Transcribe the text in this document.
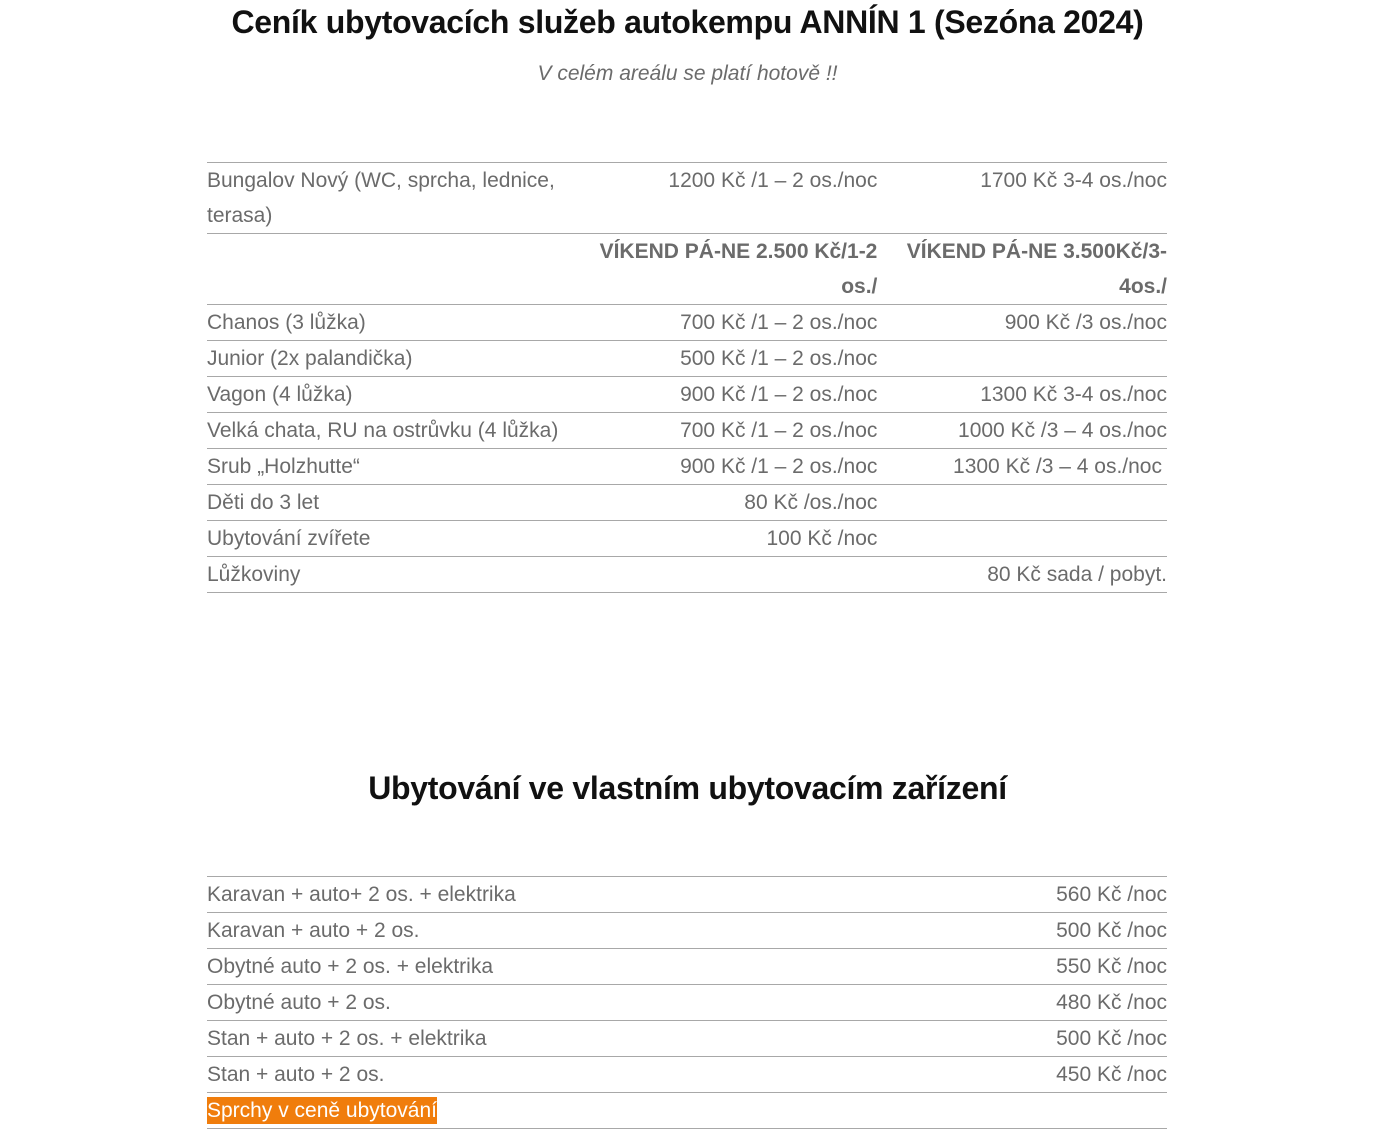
Ceník ubytovacích služeb autokempu ANNÍN 1 (Sezóna 2024)
V celém areálu se platí hotově !!
Bungalov Nový (WC, sprcha, lednice, terasa)	1200 Kč /1 – 2 os./noc	1700 Kč 3-4 os./noc
	VÍKEND PÁ-NE 2.500 Kč/1-2 os./	VÍKEND PÁ-NE 3.500Kč/3-4os./
Chanos (3 lůžka)	700 Kč /1 – 2 os./noc	900 Kč /3 os./noc
Junior (2x palandička)	500 Kč /1 – 2 os./noc	
Vagon (4 lůžka)	900 Kč /1 – 2 os./noc	1300 Kč 3-4 os./noc
Velká chata, RU na ostrůvku (4 lůžka)	700 Kč /1 – 2 os./noc	1000 Kč /3 – 4 os./noc
Srub „Holzhutte“	900 Kč /1 – 2 os./noc	1300 Kč /3 – 4 os./noc
Děti do 3 let	80 Kč /os./noc	
Ubytování zvířete	100 Kč /noc	
Lůžkoviny		80 Kč sada / pobyt.
Ubytování ve vlastním ubytovacím zařízení
Karavan + auto+ 2 os. + elektrika	560 Kč /noc
Karavan + auto + 2 os.	500 Kč /noc
Obytné auto + 2 os. + elektrika	550 Kč /noc
Obytné auto + 2 os.	480 Kč /noc
Stan + auto + 2 os. + elektrika	500 Kč /noc
Stan + auto + 2 os.	450 Kč /noc
Sprchy v ceně ubytování	
